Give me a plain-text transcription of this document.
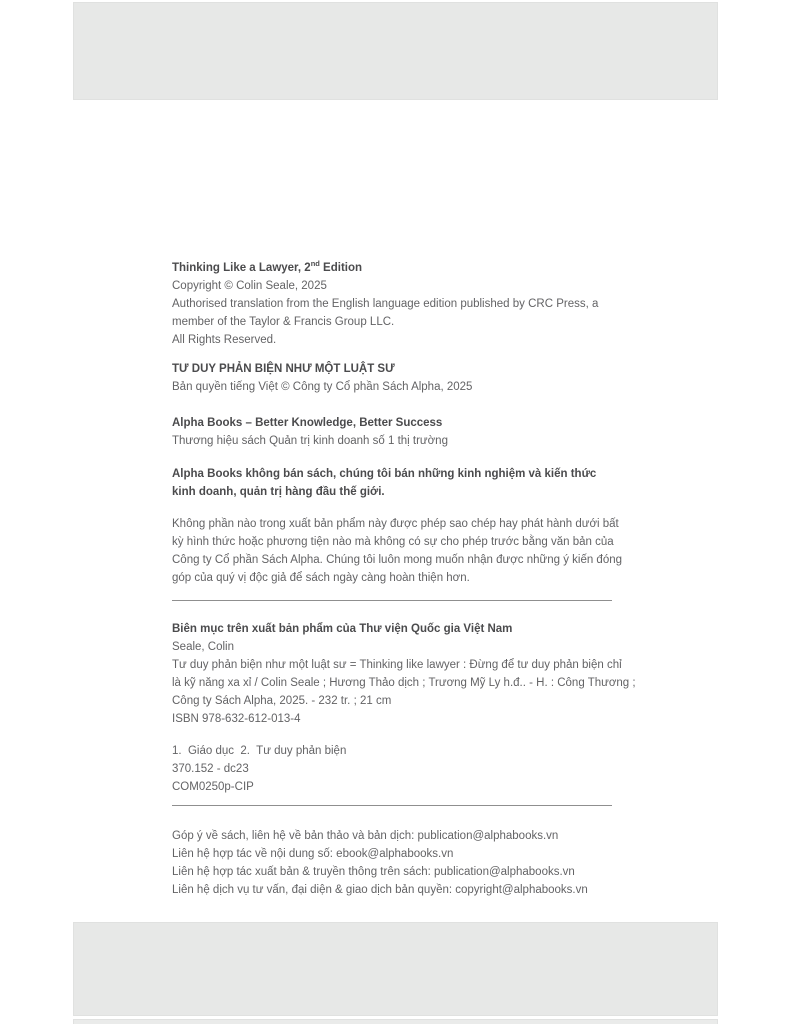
Thinking Like a Lawyer, 2nd Edition
Copyright © Colin Seale, 2025
Authorised translation from the English language edition published by CRC Press, a
member of the Taylor & Francis Group LLC.
All Rights Reserved.
TƯ DUY PHẢN BIỆN NHƯ MỘT LUẬT SƯ
Bản quyền tiếng Việt © Công ty Cổ phần Sách Alpha, 2025
Alpha Books – Better Knowledge, Better Success
Thương hiệu sách Quản trị kinh doanh số 1 thị trường
Alpha Books không bán sách, chúng tôi bán những kinh nghiệm và kiến thức
kinh doanh, quản trị hàng đầu thế giới.
Không phần nào trong xuất bản phẩm này được phép sao chép hay phát hành dưới bất
kỳ hình thức hoặc phương tiện nào mà không có sự cho phép trước bằng văn bản của
Công ty Cổ phần Sách Alpha. Chúng tôi luôn mong muốn nhận được những ý kiến đóng
góp của quý vị độc giả để sách ngày càng hoàn thiện hơn.
Biên mục trên xuất bản phẩm của Thư viện Quốc gia Việt Nam
Seale, Colin
Tư duy phản biện như một luật sư = Thinking like lawyer : Đừng để tư duy phản biện chỉ
là kỹ năng xa xỉ / Colin Seale ; Hương Thảo dịch ; Trương Mỹ Ly h.đ.. - H. : Công Thương ;
Công ty Sách Alpha, 2025. - 232 tr. ; 21 cm
ISBN 978-632-612-013-4
1.  Giáo dục  2.  Tư duy phản biện
370.152 - dc23
COM0250p-CIP
Góp ý về sách, liên hệ về bản thảo và bản dịch: publication@alphabooks.vn
Liên hệ hợp tác về nội dung số: ebook@alphabooks.vn
Liên hệ hợp tác xuất bản & truyền thông trên sách: publication@alphabooks.vn
Liên hệ dịch vụ tư vấn, đại diện & giao dịch bản quyền: copyright@alphabooks.vn
